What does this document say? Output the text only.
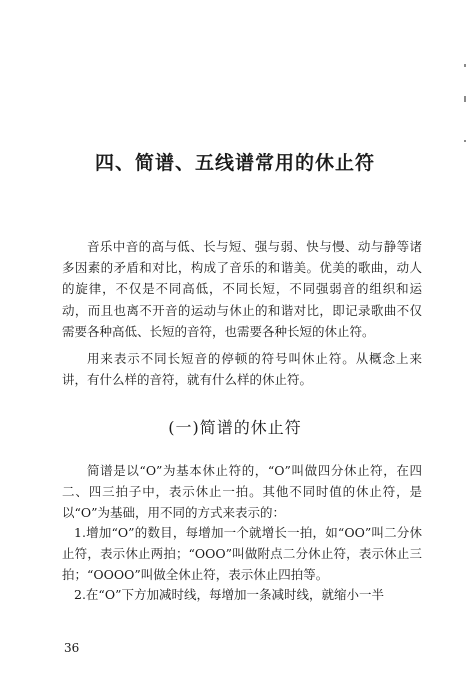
四、简谱、五线谱常用的休止符

音乐中音的高与低、长与短、强与弱、快与慢、动与静等诸多因素的矛盾和对比，构成了音乐的和谐美。优美的歌曲，动人的旋律，不仅是不同高低，不同长短，不同强弱音的组织和运动，而且也离不开音的运动与休止的和谐对比，即记录歌曲不仅需要各种高低、长短的音符，也需要各种长短的休止符。

用来表示不同长短音的停顿的符号叫休止符。从概念上来讲，有什么样的音符，就有什么样的休止符。

(一)简谱的休止符

简谱是以“O”为基本休止符的，“O”叫做四分休止符，在四二、四三拍子中，表示休止一拍。其他不同时值的休止符，是以“O”为基础，用不同的方式来表示的：

1.增加“O”的数目，每增加一个就增长一拍，如“OO”叫二分休止符，表示休止两拍；“OOO”叫做附点二分休止符，表示休止三拍；“OOOO”叫做全休止符，表示休止四拍等。

2.在“O”下方加减时线，每增加一条减时线，就缩小一半

36
